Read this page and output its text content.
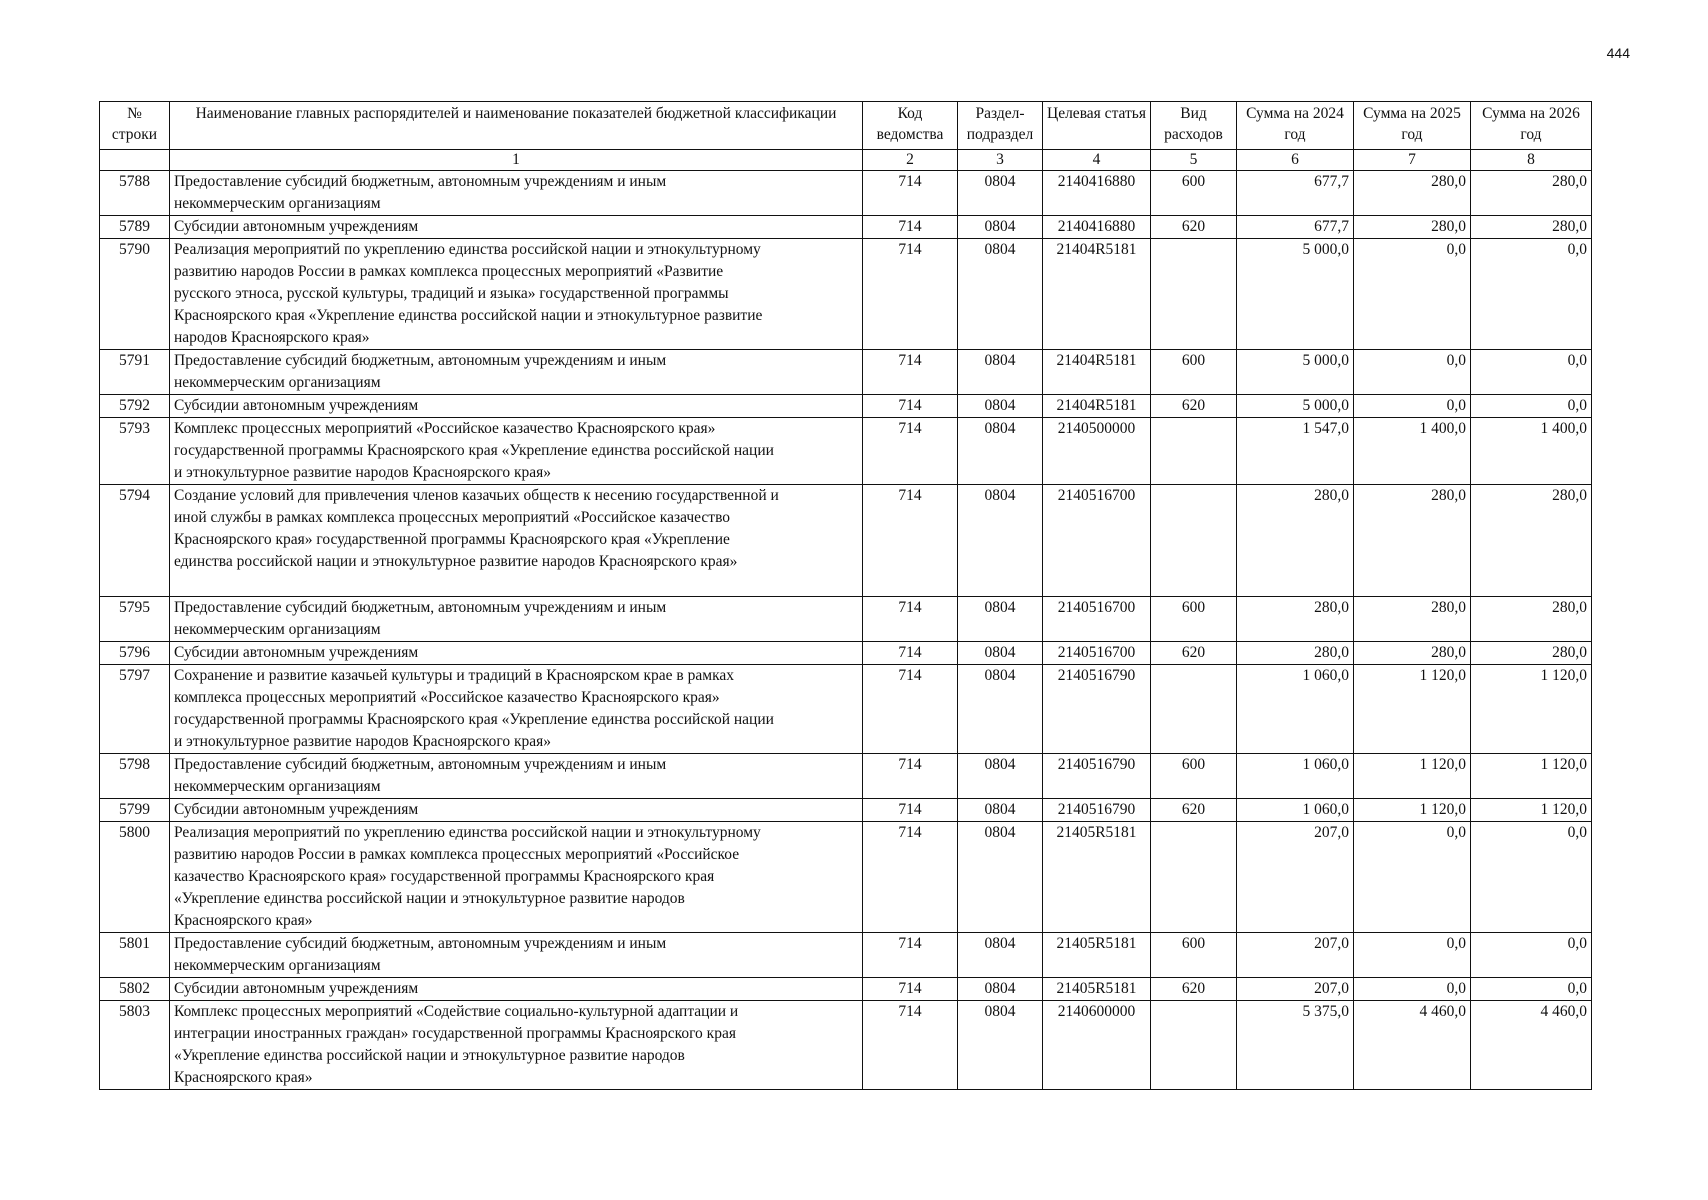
444
№ строки	Наименование главных распорядителей и наименование показателей бюджетной классификации	Код ведомства	Раздел- подраздел	Целевая статья	Вид расходов	Сумма на 2024 год	Сумма на 2025 год	Сумма на 2026 год
	1	2	3	4	5	6	7	8
5788	Предоставление субсидий бюджетным, автономным учреждениям и иным
некоммерческим организациям	714	0804	2140416880	600	677,7	280,0	280,0
5789	Субсидии автономным учреждениям	714	0804	2140416880	620	677,7	280,0	280,0
5790	Реализация мероприятий по укреплению единства российской нации и этнокультурному
развитию народов России в рамках комплекса процессных мероприятий «Развитие
русского этноса, русской культуры, традиций и языка» государственной программы
Красноярского края «Укрепление единства российской нации и этнокультурное развитие
народов Красноярского края»	714	0804	21404R5181		5 000,0	0,0	0,0
5791	Предоставление субсидий бюджетным, автономным учреждениям и иным
некоммерческим организациям	714	0804	21404R5181	600	5 000,0	0,0	0,0
5792	Субсидии автономным учреждениям	714	0804	21404R5181	620	5 000,0	0,0	0,0
5793	Комплекс процессных мероприятий «Российское казачество Красноярского края»
государственной программы Красноярского края «Укрепление единства российской нации
и этнокультурное развитие народов Красноярского края»	714	0804	2140500000		1 547,0	1 400,0	1 400,0
5794	Создание условий для привлечения членов казачьих обществ к несению государственной и
иной службы в рамках комплекса процессных мероприятий «Российское казачество
Красноярского края» государственной программы Красноярского края «Укрепление
единства российской нации и этнокультурное развитие народов Красноярского края»	714	0804	2140516700		280,0	280,0	280,0
5795	Предоставление субсидий бюджетным, автономным учреждениям и иным
некоммерческим организациям	714	0804	2140516700	600	280,0	280,0	280,0
5796	Субсидии автономным учреждениям	714	0804	2140516700	620	280,0	280,0	280,0
5797	Сохранение и развитие казачьей культуры и традиций в Красноярском крае в рамках
комплекса процессных мероприятий «Российское казачество Красноярского края»
государственной программы Красноярского края «Укрепление единства российской нации
и этнокультурное развитие народов Красноярского края»	714	0804	2140516790		1 060,0	1 120,0	1 120,0
5798	Предоставление субсидий бюджетным, автономным учреждениям и иным
некоммерческим организациям	714	0804	2140516790	600	1 060,0	1 120,0	1 120,0
5799	Субсидии автономным учреждениям	714	0804	2140516790	620	1 060,0	1 120,0	1 120,0
5800	Реализация мероприятий по укреплению единства российской нации и этнокультурному
развитию народов России в рамках комплекса процессных мероприятий «Российское
казачество Красноярского края» государственной программы Красноярского края
«Укрепление единства российской нации и этнокультурное развитие народов
Красноярского края»	714	0804	21405R5181		207,0	0,0	0,0
5801	Предоставление субсидий бюджетным, автономным учреждениям и иным
некоммерческим организациям	714	0804	21405R5181	600	207,0	0,0	0,0
5802	Субсидии автономным учреждениям	714	0804	21405R5181	620	207,0	0,0	0,0
5803	Комплекс процессных мероприятий «Содействие социально-культурной адаптации и
интеграции иностранных граждан» государственной программы Красноярского края
«Укрепление единства российской нации и этнокультурное развитие народов
Красноярского края»	714	0804	2140600000		5 375,0	4 460,0	4 460,0
